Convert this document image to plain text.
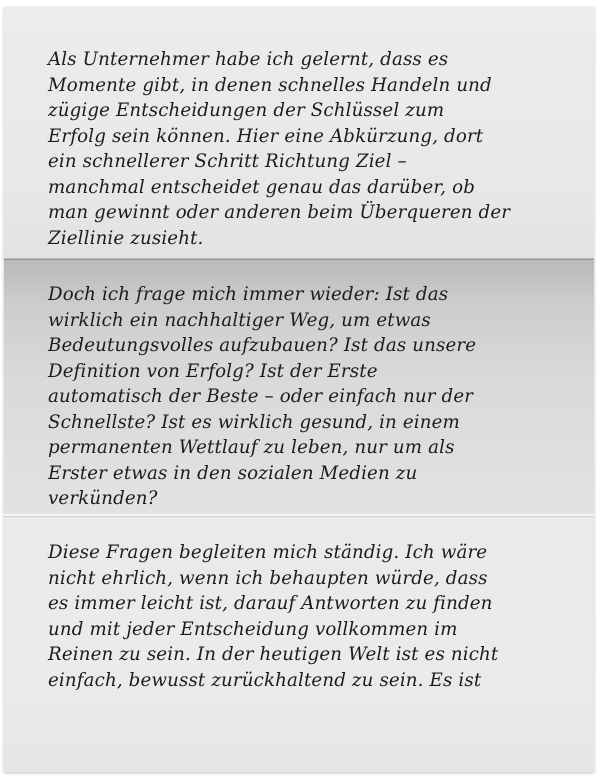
Als Unternehmer habe ich gelernt, dass es
Momente gibt, in denen schnelles Handeln und
zügige Entscheidungen der Schlüssel zum
Erfolg sein können. Hier eine Abkürzung, dort
ein schnellerer Schritt Richtung Ziel –
manchmal entscheidet genau das darüber, ob
man gewinnt oder anderen beim Überqueren der
Ziellinie zusieht.

Doch ich frage mich immer wieder: Ist das
wirklich ein nachhaltiger Weg, um etwas
Bedeutungsvolles aufzubauen? Ist das unsere
Definition von Erfolg? Ist der Erste
automatisch der Beste – oder einfach nur der
Schnellste? Ist es wirklich gesund, in einem
permanenten Wettlauf zu leben, nur um als
Erster etwas in den sozialen Medien zu
verkünden?

Diese Fragen begleiten mich ständig. Ich wäre
nicht ehrlich, wenn ich behaupten würde, dass
es immer leicht ist, darauf Antworten zu finden
und mit jeder Entscheidung vollkommen im
Reinen zu sein. In der heutigen Welt ist es nicht
einfach, bewusst zurückhaltend zu sein. Es ist
